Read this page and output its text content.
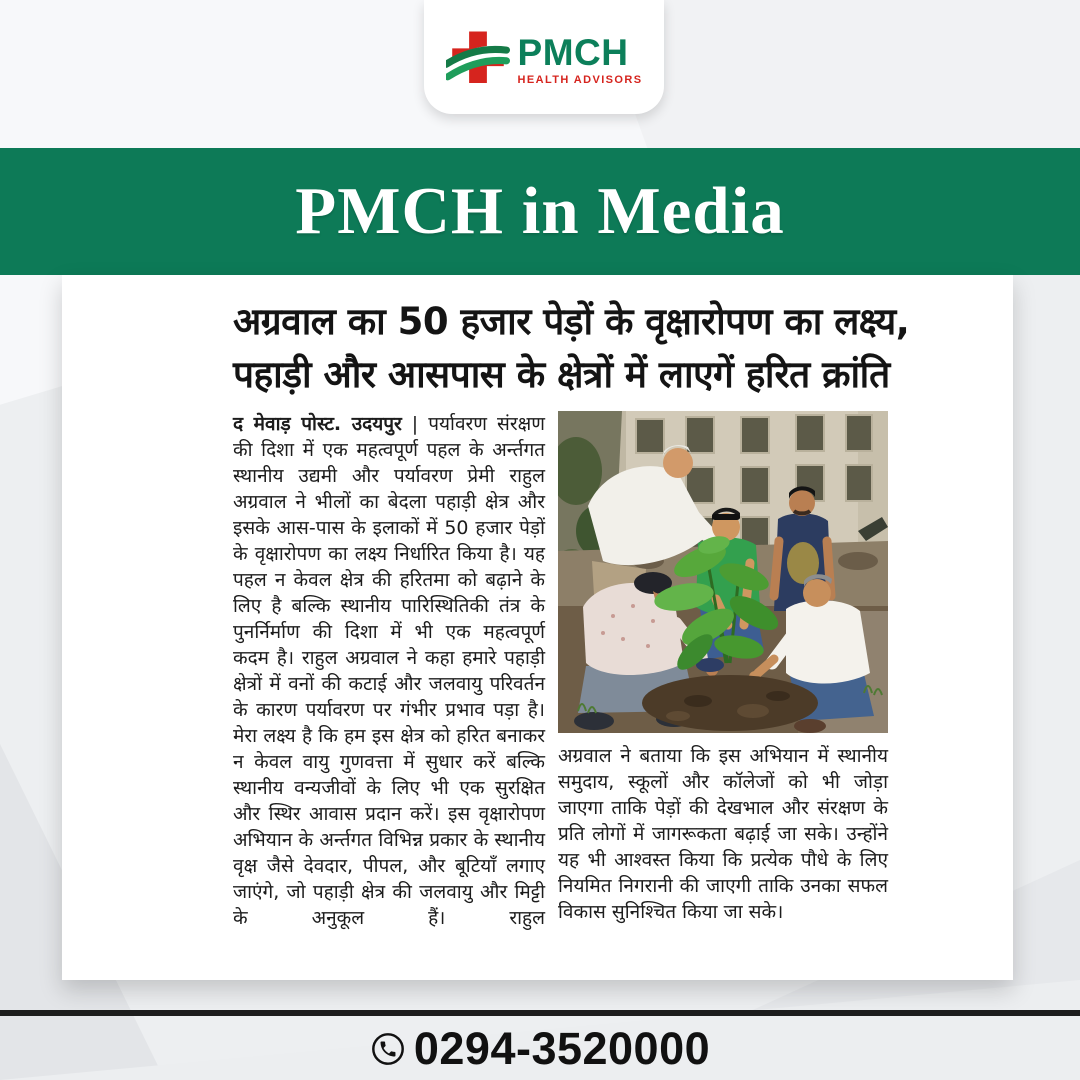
PMCH
HEALTH ADVISORS
PMCH in Media
अग्रवाल का 50 हजार पेड़ों के वृक्षारोपण का लक्ष्य,
पहाड़ी और आसपास के क्षेत्रों में लाएगें हरित क्रांति

द मेवाड़ पोस्ट. उदयपुर | पर्यावरण संरक्षण की दिशा में एक महत्वपूर्ण पहल के अर्न्तगत स्थानीय उद्यमी और पर्यावरण प्रेमी राहुल अग्रवाल ने भीलों का बेदला पहाड़ी क्षेत्र और इसके आस-पास के इलाकों में 50 हजार पेड़ों के वृक्षारोपण का लक्ष्य निर्धारित किया है। यह पहल न केवल क्षेत्र की हरितमा को बढ़ाने के लिए है बल्कि स्थानीय पारिस्थितिकी तंत्र के पुनर्निर्माण की दिशा में भी एक महत्वपूर्ण कदम है। राहुल अग्रवाल ने कहा हमारे पहाड़ी क्षेत्रों में वनों की कटाई और जलवायु परिवर्तन के कारण पर्यावरण पर गंभीर प्रभाव पड़ा है। मेरा लक्ष्य है कि हम इस क्षेत्र को हरित बनाकर न केवल वायु गुणवत्ता में सुधार करें बल्कि स्थानीय वन्यजीवों के लिए भी एक सुरक्षित और स्थिर आवास प्रदान करें। इस वृक्षारोपण अभियान के अर्न्तगत विभिन्न प्रकार के स्थानीय वृक्ष जैसे देवदार, पीपल, और बूटियाँ लगाए जाएंगे, जो पहाड़ी क्षेत्र की जलवायु और मिट्टी के अनुकूल हैं। राहुल

अग्रवाल ने बताया कि इस अभियान में स्थानीय समुदाय, स्कूलों और कॉलेजों को भी जोड़ा जाएगा ताकि पेड़ों की देखभाल और संरक्षण के प्रति लोगों में जागरूकता बढ़ाई जा सके। उन्होंने यह भी आश्वस्त किया कि प्रत्येक पौधे के लिए नियमित निगरानी की जाएगी ताकि उनका सफल विकास सुनिश्चित किया जा सके।

0294-3520000
